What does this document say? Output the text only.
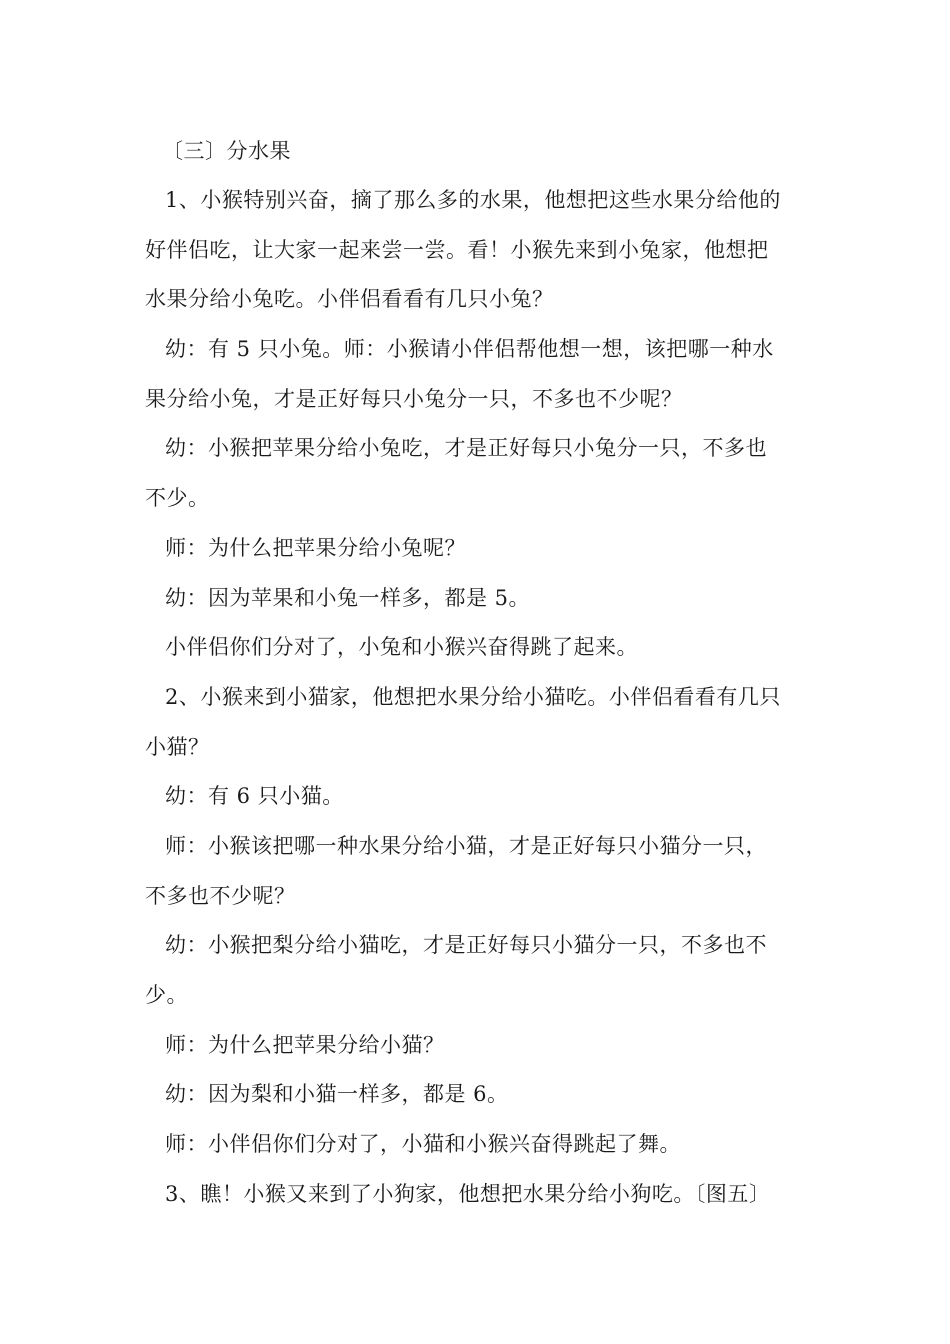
〔三〕分水果
1、小猴特别兴奋，摘了那么多的水果，他想把这些水果分给他的
好伴侣吃，让大家一起来尝一尝。看！小猴先来到小兔家，他想把
水果分给小兔吃。小伴侣看看有几只小兔？
幼：有 5 只小兔。师：小猴请小伴侣帮他想一想，该把哪一种水
果分给小兔，才是正好每只小兔分一只，不多也不少呢？
幼：小猴把苹果分给小兔吃，才是正好每只小兔分一只，不多也
不少。
师：为什么把苹果分给小兔呢？
幼：因为苹果和小兔一样多，都是 5。
小伴侣你们分对了，小兔和小猴兴奋得跳了起来。
2、小猴来到小猫家，他想把水果分给小猫吃。小伴侣看看有几只
小猫？
幼：有 6 只小猫。
师：小猴该把哪一种水果分给小猫，才是正好每只小猫分一只，
不多也不少呢？
幼：小猴把梨分给小猫吃，才是正好每只小猫分一只，不多也不
少。
师：为什么把苹果分给小猫？
幼：因为梨和小猫一样多，都是 6。
师：小伴侣你们分对了，小猫和小猴兴奋得跳起了舞。
3、瞧！小猴又来到了小狗家，他想把水果分给小狗吃。〔图五〕
